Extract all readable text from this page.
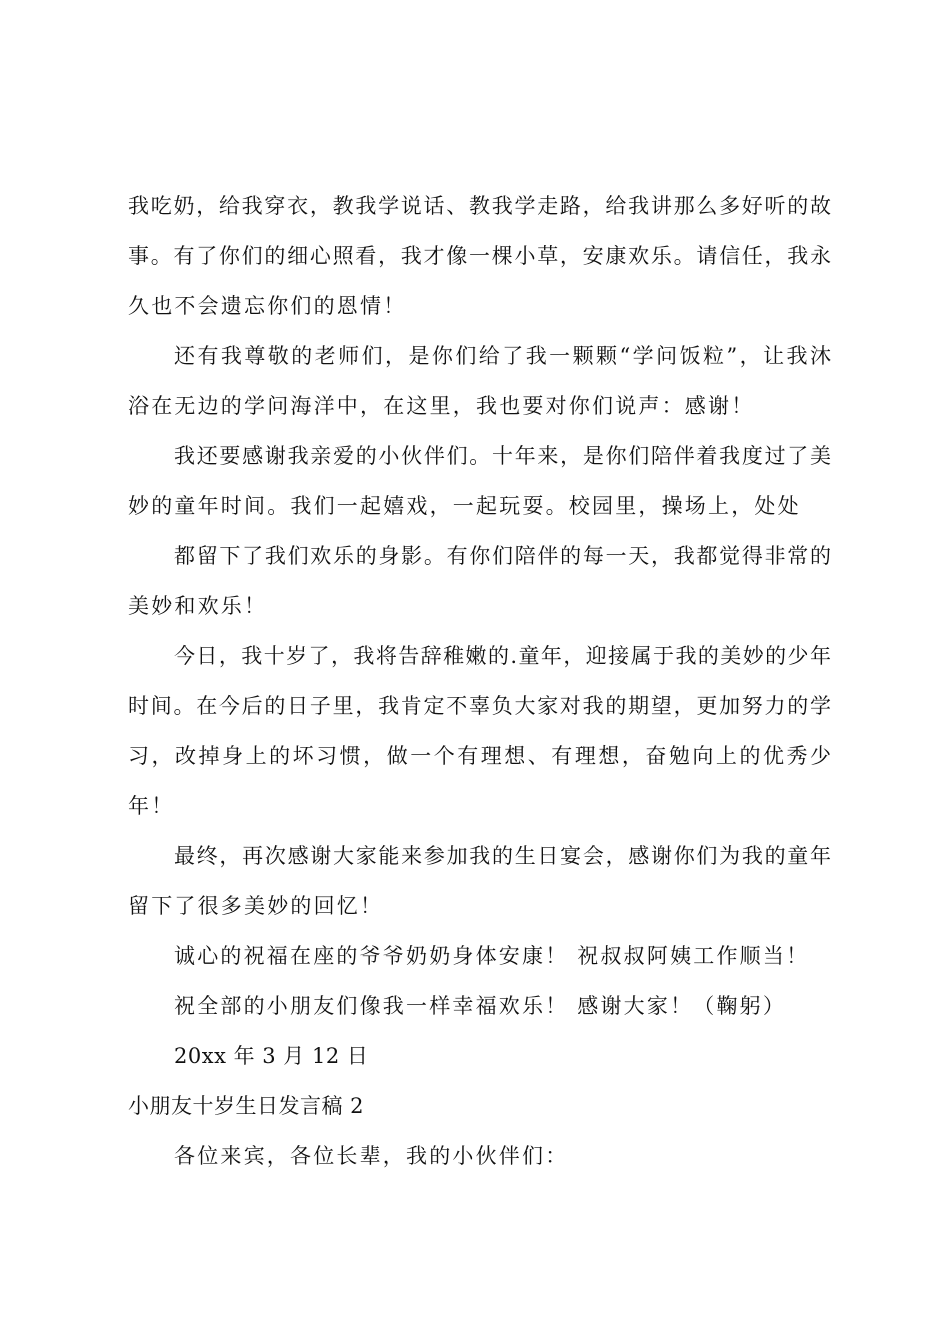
我吃奶，给我穿衣，教我学说话、教我学走路，给我讲那么多好听的故
事。有了你们的细心照看，我才像一棵小草，安康欢乐。请信任，我永
久也不会遗忘你们的恩情！
还有我尊敬的老师们，是你们给了我一颗颗“学问饭粒”，让我沐
浴在无边的学问海洋中，在这里，我也要对你们说声：感谢！
我还要感谢我亲爱的小伙伴们。十年来，是你们陪伴着我度过了美
妙的童年时间。我们一起嬉戏，一起玩耍。校园里，操场上，处处
都留下了我们欢乐的身影。有你们陪伴的每一天，我都觉得非常的
美妙和欢乐！
今日，我十岁了，我将告辞稚嫩的.童年，迎接属于我的美妙的少年
时间。在今后的日子里，我肯定不辜负大家对我的期望，更加努力的学
习，改掉身上的坏习惯，做一个有理想、有理想，奋勉向上的优秀少
年！
最终，再次感谢大家能来参加我的生日宴会，感谢你们为我的童年
留下了很多美妙的回忆！
诚心的祝福在座的爷爷奶奶身体安康！ 祝叔叔阿姨工作顺当！
祝全部的小朋友们像我一样幸福欢乐！ 感谢大家！（鞠躬）
20xx 年 3 月 12 日
小朋友十岁生日发言稿 2
各位来宾，各位长辈，我的小伙伴们：
